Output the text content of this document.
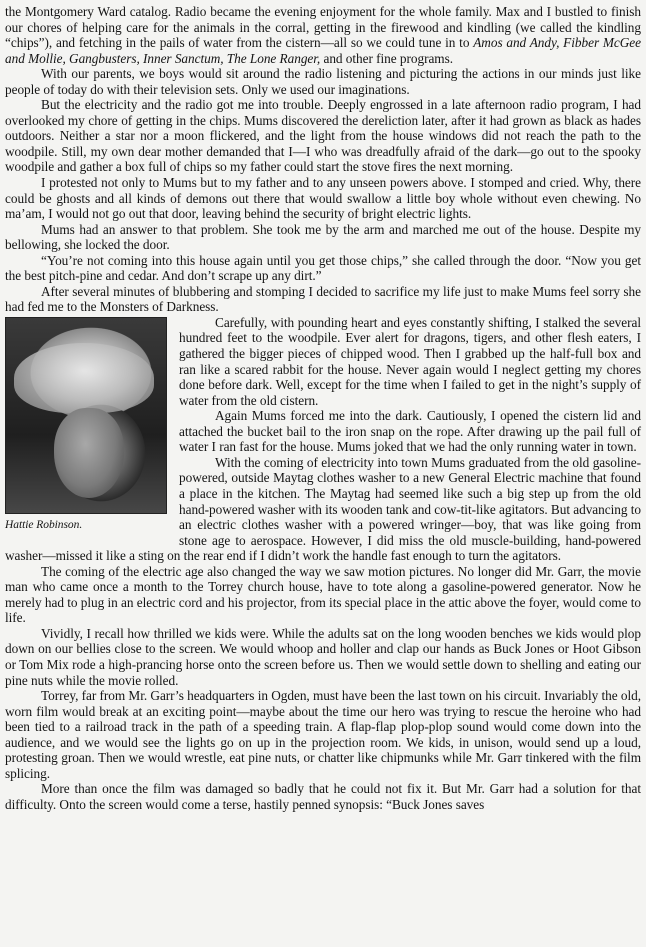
the Montgomery Ward catalog. Radio became the evening enjoyment for the whole family. Max and I bustled to finish our chores of helping care for the animals in the corral, getting in the firewood and kindling (we called the kindling “chips”), and fetching in the pails of water from the cistern—all so we could tune in to Amos and Andy, Fibber McGee and Mollie, Gangbusters, Inner Sanctum, The Lone Ranger, and other fine programs.

With our parents, we boys would sit around the radio listening and picturing the actions in our minds just like people of today do with their television sets. Only we used our imaginations.

But the electricity and the radio got me into trouble. Deeply engrossed in a late afternoon radio program, I had overlooked my chore of getting in the chips. Mums discovered the dereliction later, after it had grown as black as hades outdoors. Neither a star nor a moon flickered, and the light from the house windows did not reach the path to the woodpile. Still, my own dear mother demanded that I—I who was dreadfully afraid of the dark—go out to the spooky woodpile and gather a box full of chips so my father could start the stove fires the next morning.

I protested not only to Mums but to my father and to any unseen powers above. I stomped and cried. Why, there could be ghosts and all kinds of demons out there that would swallow a little boy whole without even chewing. No ma’am, I would not go out that door, leaving behind the security of bright electric lights.

Mums had an answer to that problem. She took me by the arm and marched me out of the house. Despite my bellowing, she locked the door.

“You’re not coming into this house again until you get those chips,” she called through the door. “Now you get the best pitch-pine and cedar. And don’t scrape up any dirt.”

After several minutes of blubbering and stomping I decided to sacrifice my life just to make Mums feel sorry she had fed me to the Monsters of Darkness.

Hattie Robinson.

Carefully, with pounding heart and eyes constantly shifting, I stalked the several hundred feet to the woodpile. Ever alert for dragons, tigers, and other flesh eaters, I gathered the bigger pieces of chipped wood. Then I grabbed up the half-full box and ran like a scared rabbit for the house. Never again would I neglect getting my chores done before dark. Well, except for the time when I failed to get in the night’s supply of water from the old cistern.

Again Mums forced me into the dark. Cautiously, I opened the cistern lid and attached the bucket bail to the iron snap on the rope. After drawing up the pail full of water I ran fast for the house. Mums joked that we had the only running water in town.

With the coming of electricity into town Mums graduated from the old gasoline-powered, outside Maytag clothes washer to a new General Electric machine that found a place in the kitchen. The Maytag had seemed like such a big step up from the old hand-powered washer with its wooden tank and cow-tit-like agitators. But advancing to an electric clothes washer with a powered wringer—boy, that was like going from stone age to aerospace. However, I did miss the old muscle-building, hand-powered washer—missed it like a sting on the rear end if I didn’t work the handle fast enough to turn the agitators.

The coming of the electric age also changed the way we saw motion pictures. No longer did Mr. Garr, the movie man who came once a month to the Torrey church house, have to tote along a gasoline-powered generator. Now he merely had to plug in an electric cord and his projector, from its special place in the attic above the foyer, would come to life.

Vividly, I recall how thrilled we kids were. While the adults sat on the long wooden benches we kids would plop down on our bellies close to the screen. We would whoop and holler and clap our hands as Buck Jones or Hoot Gibson or Tom Mix rode a high-prancing horse onto the screen before us. Then we would settle down to shelling and eating our pine nuts while the movie rolled.

Torrey, far from Mr. Garr’s headquarters in Ogden, must have been the last town on his circuit. Invariably the old, worn film would break at an exciting point—maybe about the time our hero was trying to rescue the heroine who had been tied to a railroad track in the path of a speeding train. A flap-flap plop-plop sound would come down into the audience, and we would see the lights go on up in the projection room. We kids, in unison, would send up a loud, protesting groan. Then we would wrestle, eat pine nuts, or chatter like chipmunks while Mr. Garr tinkered with the film splicing.

More than once the film was damaged so badly that he could not fix it. But Mr. Garr had a solution for that difficulty. Onto the screen would come a terse, hastily penned synopsis: “Buck Jones saves
